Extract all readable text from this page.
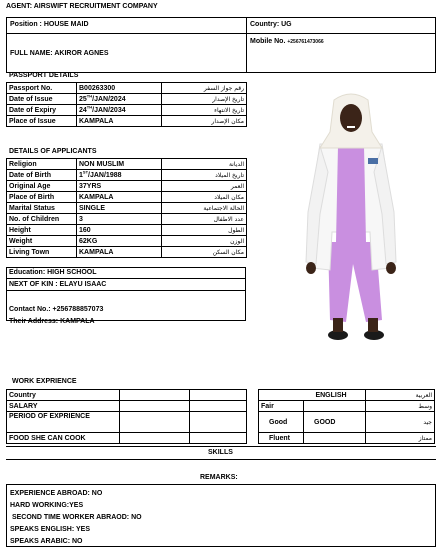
AGENT: AIRSWIFT RECRUITMENT COMPANY
Position : HOUSE MAID	Country: UG
Mobile No. +256761473066
FULL NAME: AKIROR AGNES
PASSPORT DETAILS
Passport No.	B00263300	رقم جواز السفر
Date of Issue	25TH/JAN/2024	تاريخ الإصدار
Date of Expiry	24TH/JAN/2034	تاريخ الانتهاء
Place of Issue	KAMPALA	مكان الإصدار
DETAILS OF APPLICANTS
Religion	NON MUSLIM	الديانة
Date of Birth	1ST/JAN/1988	تاريخ الميلاد
Original Age	37YRS	العمر
Place of Birth	KAMPALA	مكان الميلاد
Marital Status	SINGLE	الحالة الاجتماعية
No. of Children	3	عدد الاطفال
Height	160	الطول
Weight	62KG	الوزن
Living Town	KAMPALA	مكان السكن
Education: HIGH SCHOOL
NEXT OF KIN : ELAYU ISAAC
Contact No.: +256788857073
Their Address: KAMPALA
WORK EXPRIENCE
Country		
SALARY		
PERIOD OF EXPRIENCE		
FOOD SHE CAN COOK		
ENGLISH		العربية
Fair		وسط
Good	GOOD	جيد
Fluent		ممتاز
SKILLS
REMARKS:
EXPERIENCE ABROAD: NO
HARD WORKING:YES
SECOND TIME WORKER ABRAOD: NO
SPEAKS ENGLISH: YES
SPEAKS ARABIC: NO
